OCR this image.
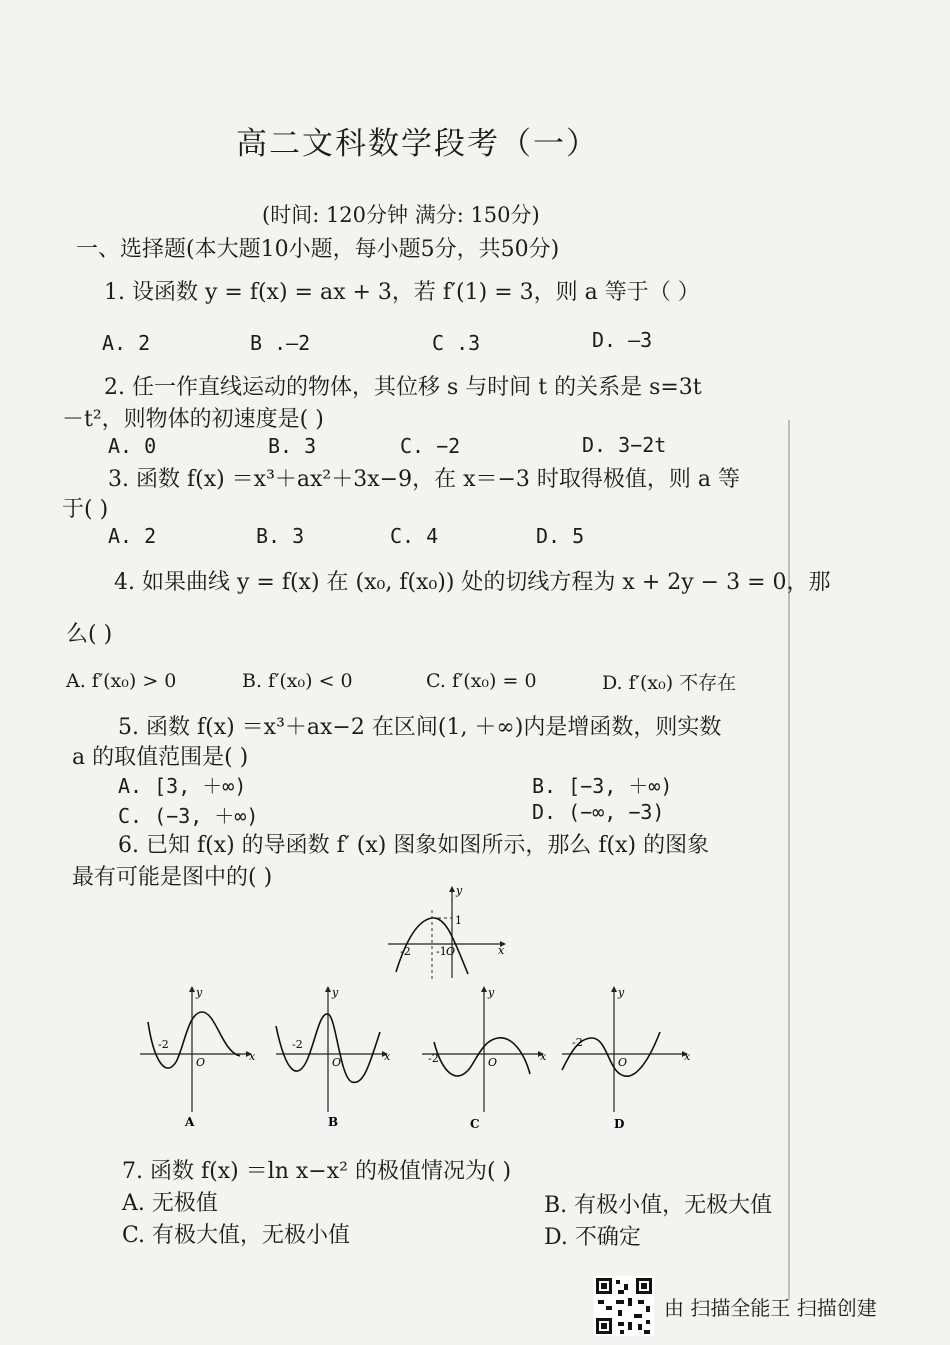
高二文科数学段考（一）
(时间: 120分钟 满分: 150分)
一、选择题(本大题10小题，每小题5分，共50分)
1. 设函数 y = f(x) = ax + 3，若 f′(1) = 3，则 a 等于（ ）
A. 2	B .—2	C .3	D. —3
2. 任一作直线运动的物体，其位移 s 与时间 t 的关系是 s=3t
－t²，则物体的初速度是( )
A. 0	B. 3	C. −2	D. 3−2t
3. 函数 f(x) ＝x³＋ax²＋3x−9，在 x＝−3 时取得极值，则 a 等
于( )
A. 2	B. 3	C. 4	D. 5
4. 如果曲线 y = f(x) 在 (x₀, f(x₀)) 处的切线方程为 x + 2y − 3 = 0，那
么( )
A. f′(x₀) > 0	B. f′(x₀) < 0	C. f′(x₀) = 0	D. f′(x₀) 不存在
5. 函数 f(x) ＝x³＋ax−2 在区间(1, ＋∞)内是增函数，则实数
a 的取值范围是( )
A. [3, ＋∞)	B. [−3, ＋∞)
C. (−3, ＋∞)	D. (−∞, −3)
6. 已知 f(x) 的导函数 f′ (x) 图象如图所示，那么 f(x) 的图象
最有可能是图中的( )
1
-2 -1 O	x
y
-2
O	x
y
A
-2
O	x
y
B
-2	O	x
y
C
-2
O	x
y
D
7. 函数 f(x) ＝ln x−x² 的极值情况为( )
A. 无极值	B. 有极小值，无极大值
C. 有极大值，无极小值	D. 不确定
由 扫描全能王 扫描创建
